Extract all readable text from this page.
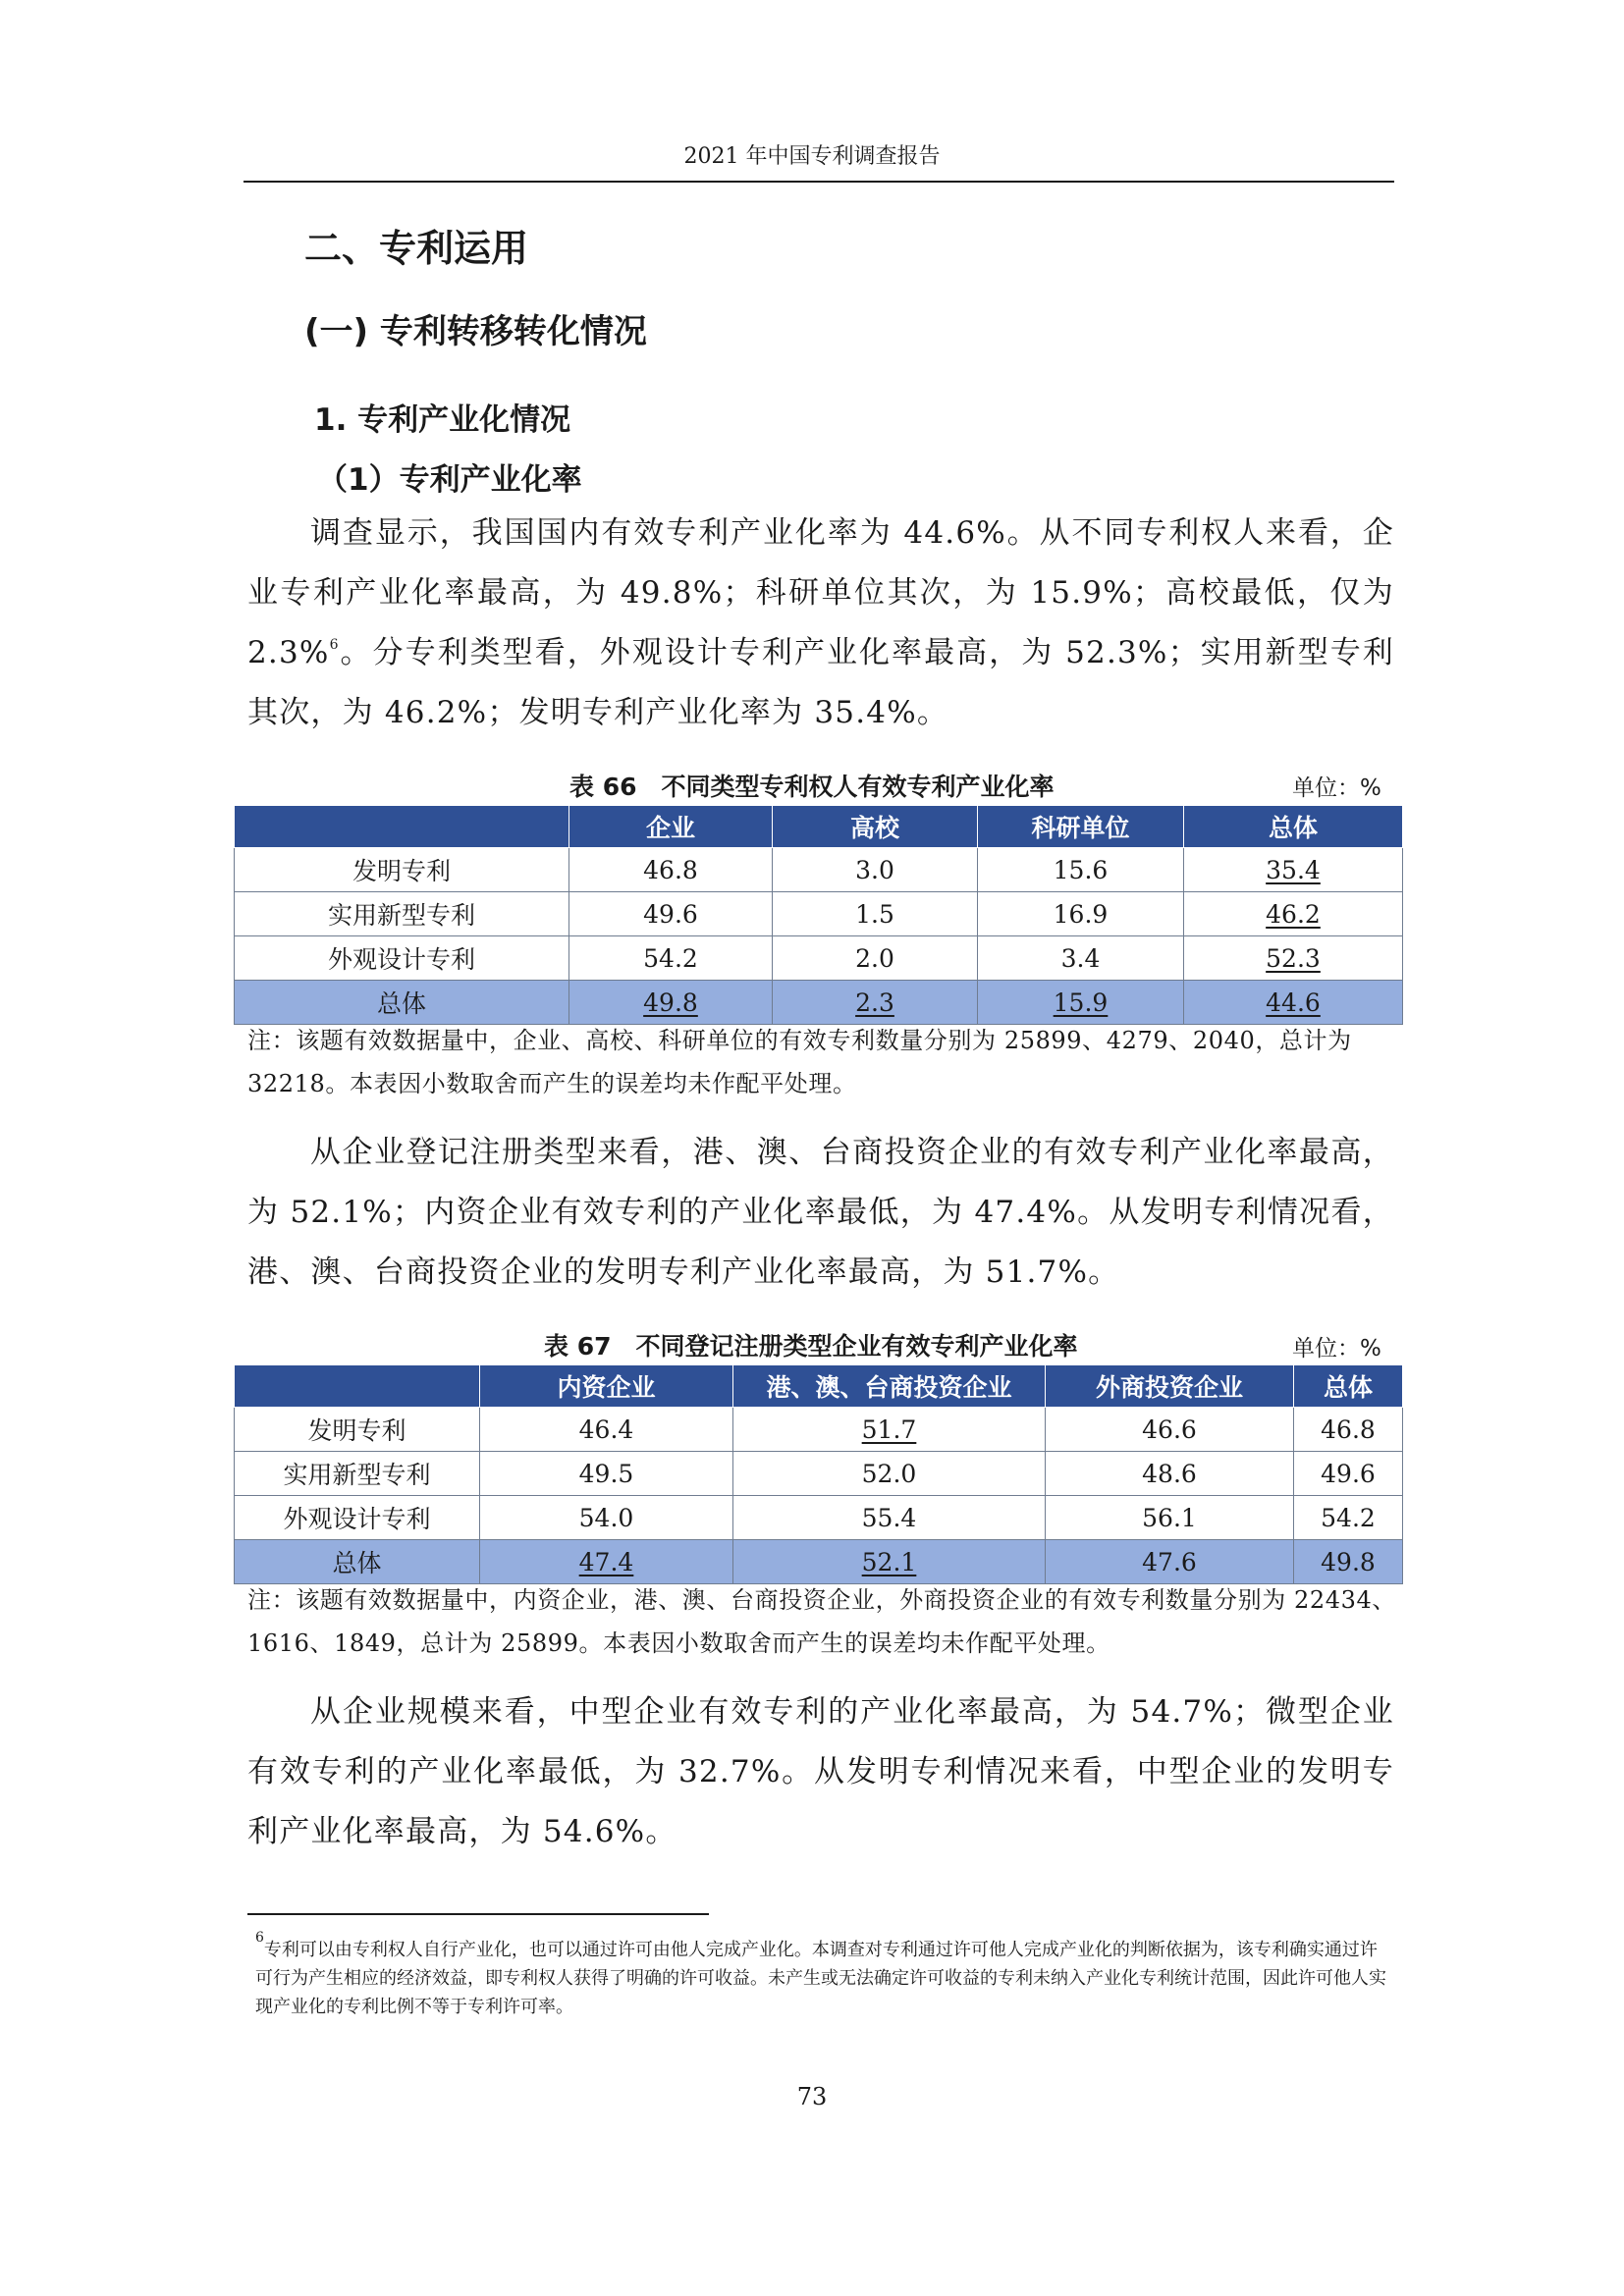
2021 年中国专利调查报告
二、专利运用
(一) 专利转移转化情况
1. 专利产业化情况
（1）专利产业化率

调查显示，我国国内有效专利产业化率为 44.6%。从不同专利权人来看，企业专利产业化率最高，为 49.8%；科研单位其次，为 15.9%；高校最低，仅为 2.3%$^6$。分专利类型看，外观设计专利产业化率最高，为 52.3%；实用新型专利其次，为 46.2%；发明专利产业化率为 35.4%。

表 66　不同类型专利权人有效专利产业化率	单位：%
	企业	高校	科研单位	总体
发明专利	46.8	3.0	15.6	35.4
实用新型专利	49.6	1.5	16.9	46.2
外观设计专利	54.2	2.0	3.4	52.3
总体	49.8	2.3	15.9	44.6
注：该题有效数据量中，企业、高校、科研单位的有效专利数量分别为 25899、4279、2040，总计为 32218。本表因小数取舍而产生的误差均未作配平处理。

从企业登记注册类型来看，港、澳、台商投资企业的有效专利产业化率最高，为 52.1%；内资企业有效专利的产业化率最低，为 47.4%。从发明专利情况看，港、澳、台商投资企业的发明专利产业化率最高，为 51.7%。

表 67　不同登记注册类型企业有效专利产业化率	单位：%
	内资企业	港、澳、台商投资企业	外商投资企业	总体
发明专利	46.4	51.7	46.6	46.8
实用新型专利	49.5	52.0	48.6	49.6
外观设计专利	54.0	55.4	56.1	54.2
总体	47.4	52.1	47.6	49.8
注：该题有效数据量中，内资企业，港、澳、台商投资企业，外商投资企业的有效专利数量分别为 22434、1616、1849，总计为 25899。本表因小数取舍而产生的误差均未作配平处理。

从企业规模来看，中型企业有效专利的产业化率最高，为 54.7%；微型企业有效专利的产业化率最低，为 32.7%。从发明专利情况来看，中型企业的发明专利产业化率最高，为 54.6%。

$^6$专利可以由专利权人自行产业化，也可以通过许可由他人完成产业化。本调查对专利通过许可他人完成产业化的判断依据为，该专利确实通过许可行为产生相应的经济效益，即专利权人获得了明确的许可收益。未产生或无法确定许可收益的专利未纳入产业化专利统计范围，因此许可他人实现产业化的专利比例不等于专利许可率。
73
